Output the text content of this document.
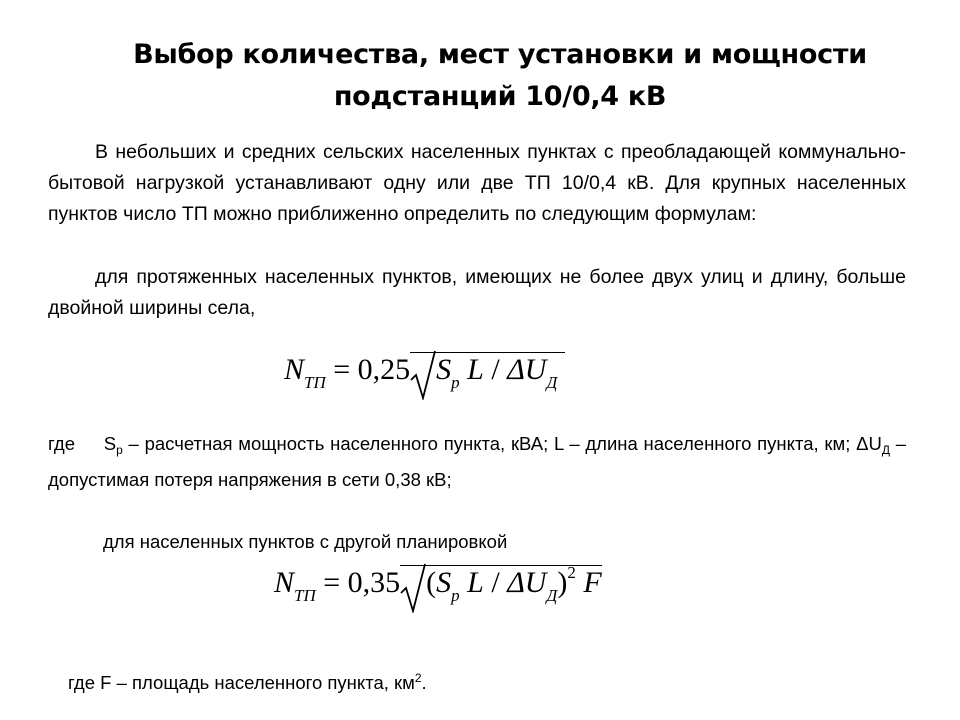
Выбор количества, мест установки и мощности
подстанций 10/0,4 кВ
В небольших и средних сельских населенных пунктах с преобладающей коммунально-бытовой нагрузкой устанавливают одну или две ТП 10/0,4 кВ. Для крупных населенных пунктов число ТП можно приближенно определить по следующим формулам:
для протяженных населенных пунктов, имеющих не более двух улиц и длину, больше двойной ширины села,
$N_{ТП} = 0,25$ $S_р$ L / $\Delta U_Д$
где $S_р$ – расчетная мощность населенного пункта, кВА; L – длина населенного пункта, км; $\Delta U_Д$ – допустимая потеря напряжения в сети 0,38 кВ;
для населенных пунктов с другой планировкой
$N_{ТП} = 0,35$ ($S_р$ L / $\Delta U_Д)^2$ F
где F – площадь населенного пункта, $км^2$.
